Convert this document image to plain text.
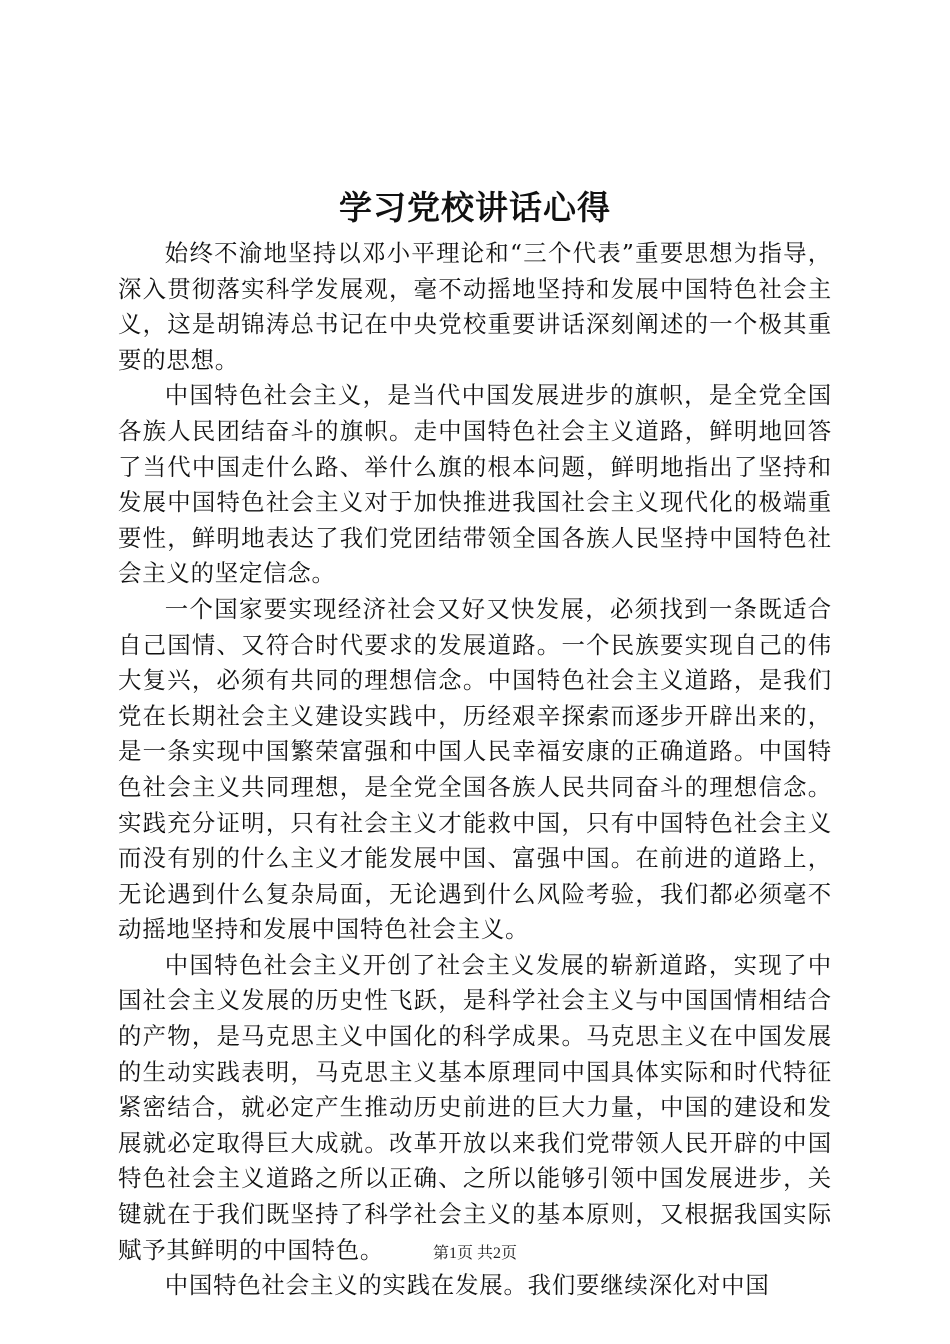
学习党校讲话心得

始终不渝地坚持以邓小平理论和“三个代表”重要思想为指导，深入贯彻落实科学发展观，毫不动摇地坚持和发展中国特色社会主义，这是胡锦涛总书记在中央党校重要讲话深刻阐述的一个极其重要的思想。

中国特色社会主义，是当代中国发展进步的旗帜，是全党全国各族人民团结奋斗的旗帜。走中国特色社会主义道路，鲜明地回答了当代中国走什么路、举什么旗的根本问题，鲜明地指出了坚持和发展中国特色社会主义对于加快推进我国社会主义现代化的极端重要性，鲜明地表达了我们党团结带领全国各族人民坚持中国特色社会主义的坚定信念。

一个国家要实现经济社会又好又快发展，必须找到一条既适合自己国情、又符合时代要求的发展道路。一个民族要实现自己的伟大复兴，必须有共同的理想信念。中国特色社会主义道路，是我们党在长期社会主义建设实践中，历经艰辛探索而逐步开辟出来的，是一条实现中国繁荣富强和中国人民幸福安康的正确道路。中国特色社会主义共同理想，是全党全国各族人民共同奋斗的理想信念。实践充分证明，只有社会主义才能救中国，只有中国特色社会主义而没有别的什么主义才能发展中国、富强中国。在前进的道路上，无论遇到什么复杂局面，无论遇到什么风险考验，我们都必须毫不动摇地坚持和发展中国特色社会主义。

中国特色社会主义开创了社会主义发展的崭新道路，实现了中国社会主义发展的历史性飞跃，是科学社会主义与中国国情相结合的产物，是马克思主义中国化的科学成果。马克思主义在中国发展的生动实践表明，马克思主义基本原理同中国具体实际和时代特征紧密结合，就必定产生推动历史前进的巨大力量，中国的建设和发展就必定取得巨大成就。改革开放以来我们党带领人民开辟的中国特色社会主义道路之所以正确、之所以能够引领中国发展进步，关键就在于我们既坚持了科学社会主义的基本原则，又根据我国实际赋予其鲜明的中国特色。

中国特色社会主义的实践在发展。我们要继续深化对中国

第1页 共2页
